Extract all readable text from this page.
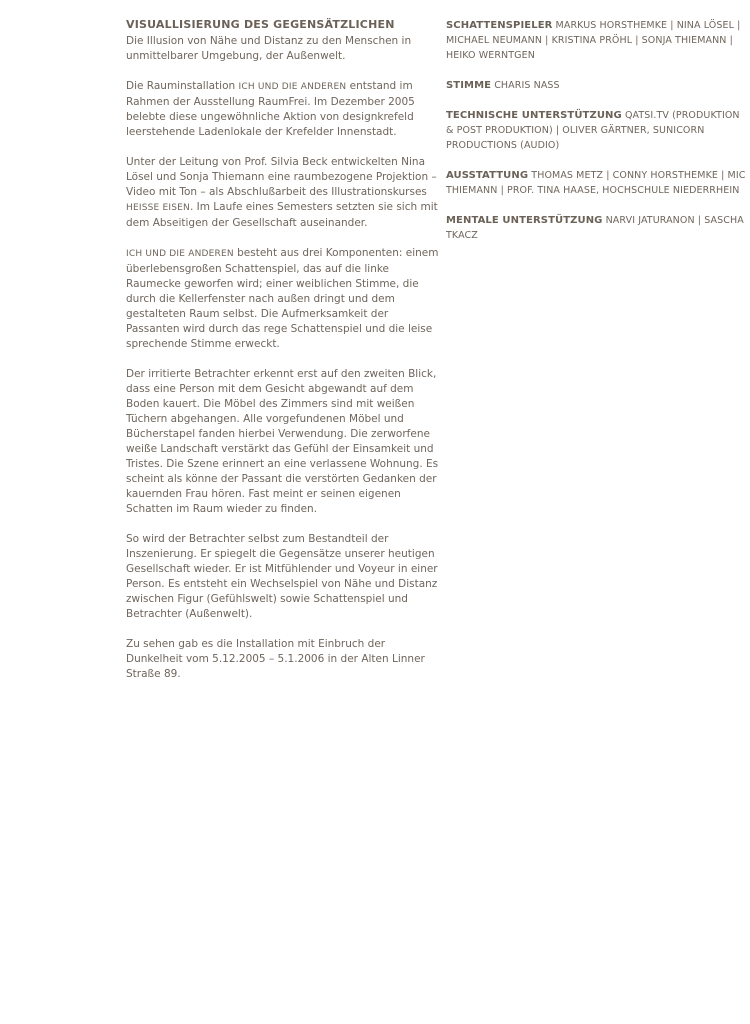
VISUALLISIERUNG DES GEGENSÄTZLICHEN

Die Illusion von Nähe und Distanz zu den Menschen in unmittelbarer Umgebung, der Außenwelt.

Die Rauminstallation ICH UND DIE ANDEREN entstand im Rahmen der Ausstellung RaumFrei. Im Dezember 2005 belebte diese ungewöhnliche Aktion von designkrefeld leerstehende Ladenlokale der Krefelder Innenstadt.

Unter der Leitung von Prof. Silvia Beck entwickelten Nina Lösel und Sonja Thiemann eine raumbezogene Projektion – Video mit Ton – als Abschlußarbeit des Illustrationskurses HEISSE EISEN. Im Laufe eines Semesters setzten sie sich mit dem Abseitigen der Gesellschaft auseinander.

ICH UND DIE ANDEREN besteht aus drei Komponenten: einem überlebensgroßen Schattenspiel, das auf die linke Raumecke geworfen wird; einer weiblichen Stimme, die durch die Kellerfenster nach außen dringt und dem gestalteten Raum selbst. Die Aufmerksamkeit der Passanten wird durch das rege Schattenspiel und die leise sprechende Stimme erweckt.

Der irritierte Betrachter erkennt erst auf den zweiten Blick, dass eine Person mit dem Gesicht abgewandt auf dem Boden kauert. Die Möbel des Zimmers sind mit weißen Tüchern abgehangen. Alle vorgefundenen Möbel und Bücherstapel fanden hierbei Verwendung. Die zerworfene weiße Landschaft verstärkt das Gefühl der Einsamkeit und Tristes. Die Szene erinnert an eine verlassene Wohnung. Es scheint als könne der Passant die verstörten Gedanken der kauernden Frau hören. Fast meint er seinen eigenen Schatten im Raum wieder zu finden.

So wird der Betrachter selbst zum Bestandteil der Inszenierung. Er spiegelt die Gegensätze unserer heutigen Gesellschaft wieder. Er ist Mitfühlender und Voyeur in einer Person. Es entsteht ein Wechselspiel von Nähe und Distanz zwischen Figur (Gefühlswelt) sowie Schattenspiel und Betrachter (Außenwelt).

Zu sehen gab es die Installation mit Einbruch der Dunkelheit vom 5.12.2005 – 5.1.2006 in der Alten Linner Straße 89.

SCHATTENSPIELER MARKUS HORSTHEMKE | NINA LÖSEL | MICHAEL NEUMANN | KRISTINA PRÖHL | SONJA THIEMANN | HEIKO WERNTGEN

STIMME CHARIS NASS

TECHNISCHE UNTERSTÜTZUNG QATSI.TV (PRODUKTION & POST PRODUKTION) | OLIVER GÄRTNER, SUNICORN PRODUCTIONS (AUDIO)

AUSSTATTUNG THOMAS METZ | CONNY HORSTHEMKE | MIC THIEMANN | PROF. TINA HAASE, HOCHSCHULE NIEDERRHEIN

MENTALE UNTERSTÜTZUNG NARVI JATURANON | SASCHA TKACZ
